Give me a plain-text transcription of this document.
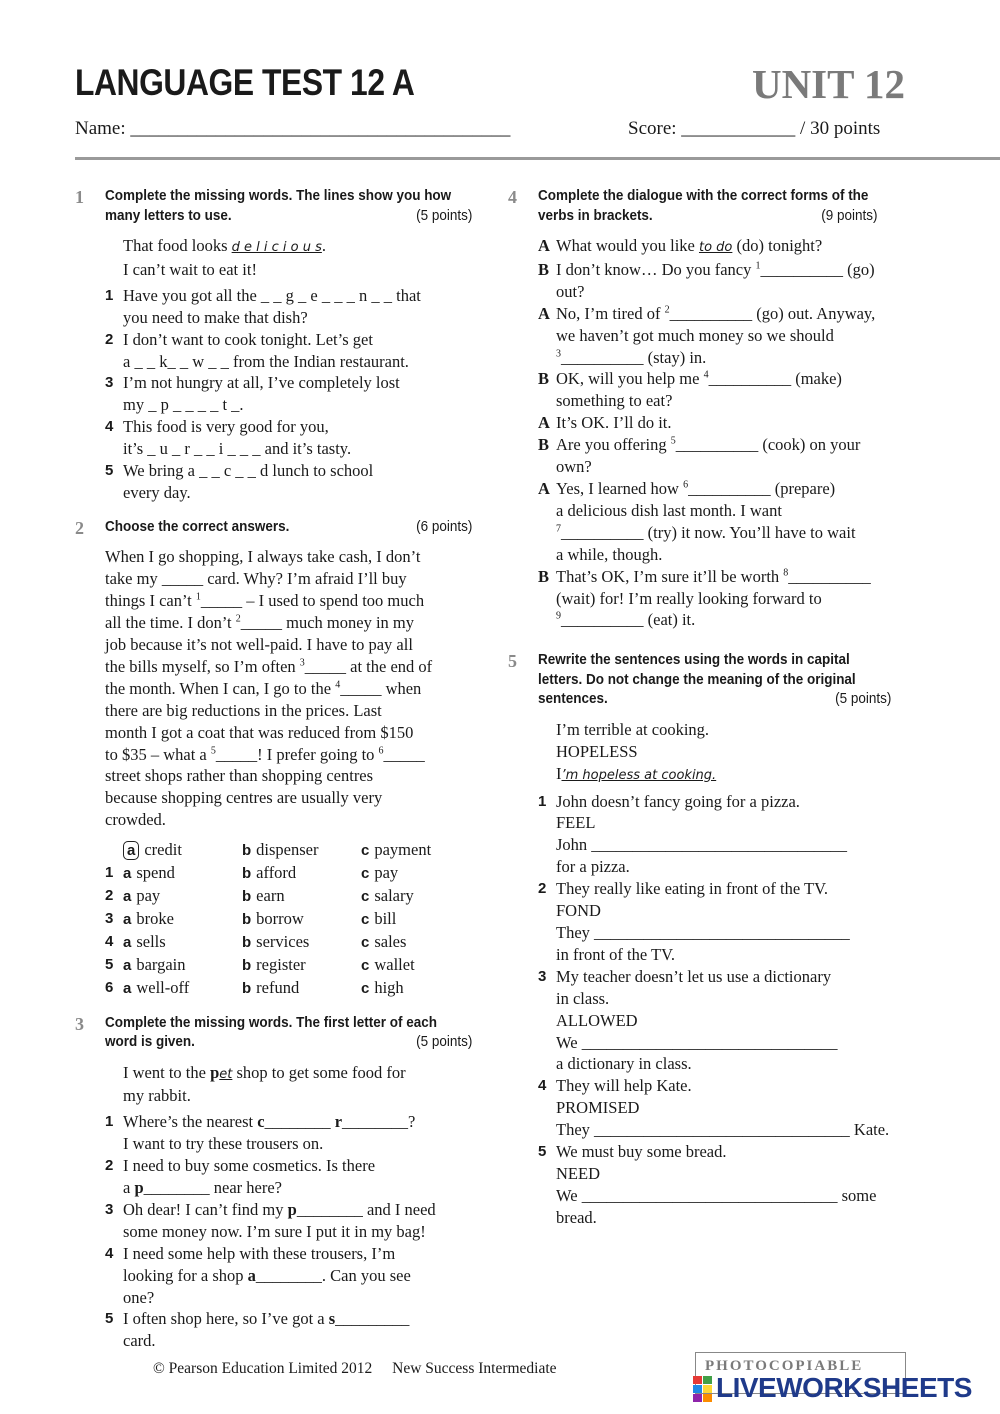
LANGUAGE TEST 12 A	UNIT 12
Name: ________________________________________	Score: ____________ / 30 points
1 Complete the missing words. The lines show you how many letters to use.	(5 points)
That food looks d e l i c i o u s.
I can’t wait to eat it!
1 Have you got all the _ _ g _ e _ _ _ n _ _ that
you need to make that dish?
2 I don’t want to cook tonight. Let’s get
a _ _ k_ _ w _ _ from the Indian restaurant.
3 I’m not hungry at all, I’ve completely lost
my _ p _ _ _ _ t _.
4 This food is very good for you,
it’s _ u _ r _ _ i _ _ _ and it’s tasty.
5 We bring a _ _ c _ _ d lunch to school
every day.
2 Choose the correct answers.	(6 points)
When I go shopping, I always take cash, I don’t
take my _____ card. Why? I’m afraid I’ll buy
things I can’t $^1$_____ – I used to spend too much
all the time. I don’t $^2$_____ much money in my
job because it’s not well-paid. I have to pay all
the bills myself, so I’m often $^3$_____ at the end of
the month. When I can, I go to the $^4$_____ when
there are big reductions in the prices. Last
month I got a coat that was reduced from $150
to $35 – what a $^5$_____! I prefer going to $^6$_____
street shops rather than shopping centres
because shopping centres are usually very
crowded.
a credit	b dispenser	c payment
1 a spend	b afford	c pay
2 a pay	b earn	c salary
3 a broke	b borrow	c bill
4 a sells	b services	c sales
5 a bargain	b register	c wallet
6 a well-off	b refund	c high
3 Complete the missing words. The first letter of each word is given.	(5 points)
I went to the pet shop to get some food for
my rabbit.
1 Where’s the nearest c________ r________?
I want to try these trousers on.
2 I need to buy some cosmetics. Is there
a p________ near here?
3 Oh dear! I can’t find my p________ and I need
some money now. I’m sure I put it in my bag!
4 I need some help with these trousers, I’m
looking for a shop a________. Can you see
one?
5 I often shop here, so I’ve got a s_________
card.
4 Complete the dialogue with the correct forms of the verbs in brackets.	(9 points)
A What would you like to do (do) tonight?
B I don’t know… Do you fancy $^1$__________ (go)
out?
A No, I’m tired of $^2$__________ (go) out. Anyway,
we haven’t got much money so we should
$^3$__________ (stay) in.
B OK, will you help me $^4$__________ (make)
something to eat?
A It’s OK. I’ll do it.
B Are you offering $^5$__________ (cook) on your
own?
A Yes, I learned how $^6$__________ (prepare)
a delicious dish last month. I want
$^7$__________ (try) it now. You’ll have to wait
a while, though.
B That’s OK, I’m sure it’ll be worth $^8$__________
(wait) for! I’m really looking forward to
$^9$__________ (eat) it.
5 Rewrite the sentences using the words in capital letters. Do not change the meaning of the original sentences.	(5 points)
I’m terrible at cooking.
HOPELESS
I’m hopeless at cooking.
1 John doesn’t fancy going for a pizza.
FEEL
John _______________________________
for a pizza.
2 They really like eating in front of the TV.
FOND
They _______________________________
in front of the TV.
3 My teacher doesn’t let us use a dictionary
in class.
ALLOWED
We _______________________________
a dictionary in class.
4 They will help Kate.
PROMISED
They _______________________________ Kate.
5 We must buy some bread.
NEED
We _______________________________ some
bread.
© Pearson Education Limited 2012 New Success Intermediate	PHOTOCOPIABLE
LIVEWORKSHEETS
